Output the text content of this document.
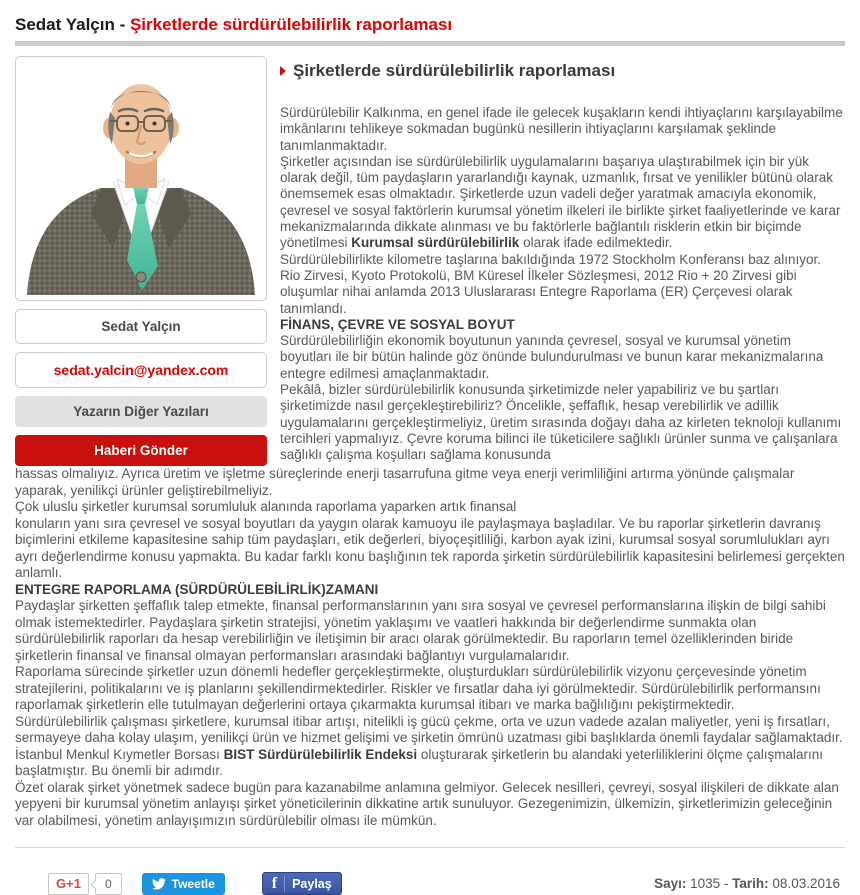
Sedat Yalçın - Şirketlerde sürdürülebilirlik raporlaması
Sedat Yalçın
sedat.yalcin@yandex.com
Yazarın Diğer Yazıları
Haberi Gönder
Şirketlerde sürdürülebilirlik raporlaması

Sürdürülebilir Kalkınma, en genel ifade ile gelecek kuşakların kendi ihtiyaçlarını karşılayabilme imkânlarını tehlikeye sokmadan bugünkü nesillerin ihtiyaçlarını karşılamak şeklinde tanımlanmaktadır.

Şirketler açısından ise sürdürülebilirlik uygulamalarını başarıya ulaştırabilmek için bir yük olarak değil, tüm paydaşların yararlandığı kaynak, uzmanlık, fırsat ve yenilikler bütünü olarak önemsemek esas olmaktadır. Şirketlerde uzun vadeli değer yaratmak amacıyla ekonomik, çevresel ve sosyal faktörlerin kurumsal yönetim ilkeleri ile birlikte şirket faaliyetlerinde ve karar mekanizmalarında dikkate alınması ve bu faktörlerle bağlantılı risklerin etkin bir biçimde yönetilmesi Kurumsal sürdürülebilirlik olarak ifade edilmektedir.

Sürdürülebilirlikte kilometre taşlarına bakıldığında 1972 Stockholm Konferansı baz alınıyor. Rio Zirvesi, Kyoto Protokolü, BM Küresel İlkeler Sözleşmesi, 2012 Rio + 20 Zirvesi gibi oluşumlar nihai anlamda 2013 Uluslararası Entegre Raporlama (ER) Çerçevesi olarak tanımlandı.

FİNANS, ÇEVRE VE SOSYAL BOYUT

Sürdürülebilirliğin ekonomik boyutunun yanında çevresel, sosyal ve kurumsal yönetim boyutları ile bir bütün halinde göz önünde bulundurulması ve bunun karar mekanizmalarına entegre edilmesi amaçlanmaktadır.

Pekâlâ, bizler sürdürülebilirlik konusunda şirketimizde neler yapabiliriz ve bu şartları şirketimizde nasıl gerçekleştirebiliriz? Öncelikle, şeffaflık, hesap verebilirlik ve adillik uygulamalarını gerçekleştirmeliyiz, üretim sırasında doğayı daha az kirleten teknoloji kullanımı tercihleri yapmalıyız. Çevre koruma bilinci ile tüketicilere sağlıklı ürünler sunma ve çalışanlara sağlıklı çalışma koşulları sağlama konusunda

hassas olmalıyız. Ayrıca üretim ve işletme süreçlerinde enerji tasarrufuna gitme veya enerji verimliliğini artırma yönünde çalışmalar yaparak, yenilikçi ürünler geliştirebilmeliyiz.

Çok uluslu şirketler kurumsal sorumluluk alanında raporlama yaparken artık finansal
konuların yanı sıra çevresel ve sosyal boyutları da yaygın olarak kamuoyu ile paylaşmaya başladılar. Ve bu raporlar şirketlerin davranış biçimlerini etkileme kapasitesine sahip tüm paydaşları, etik değerleri, biyoçeşitliliği, karbon ayak izini, kurumsal sosyal sorumlulukları ayrı ayrı değerlendirme konusu yapmakta. Bu kadar farklı konu başlığının tek raporda şirketin sürdürülebilirlik kapasitesini belirlemesi gerçekten anlamlı.

ENTEGRE RAPORLAMA (SÜRDÜRÜLEBİLİRLİK)ZAMANI

Paydaşlar şirketten şeffaflık talep etmekte, finansal performanslarının yanı sıra sosyal ve çevresel performanslarına ilişkin de bilgi sahibi olmak istemektedirler. Paydaşlara şirketin stratejisi, yönetim yaklaşımı ve vaatleri hakkında bir değerlendirme sunmakta olan sürdürülebilirlik raporları da hesap verebilirliğin ve iletişimin bir aracı olarak görülmektedir. Bu raporların temel özelliklerinden biride şirketlerin finansal ve finansal olmayan performansları arasındaki bağlantıyı vurgulamalarıdır.

Raporlama sürecinde şirketler uzun dönemli hedefler gerçekleştirmekte, oluşturdukları sürdürülebilirlik vizyonu çerçevesinde yönetim stratejilerini, politikalarını ve iş planlarını şekillendirmektedirler. Riskler ve fırsatlar daha iyi görülmektedir. Sürdürülebilirlik performansını raporlamak şirketlerin elle tutulmayan değerlerini ortaya çıkarmakta kurumsal itibarı ve marka bağlılığını pekiştirmektedir.

Sürdürülebilirlik çalışması şirketlere, kurumsal itibar artışı, nitelikli iş gücü çekme, orta ve uzun vadede azalan maliyetler, yeni iş fırsatları, sermayeye daha kolay ulaşım, yenilikçi ürün ve hizmet gelişimi ve şirketin ömrünü uzatması gibi başlıklarda önemli faydalar sağlamaktadır.

İstanbul Menkul Kıymetler Borsası BIST Sürdürülebilirlik Endeksi oluşturarak şirketlerin bu alandaki yeterliliklerini ölçme çalışmalarını başlatmıştır. Bu önemli bir adımdır.

Özet olarak şirket yönetmek sadece bugün para kazanabilme anlamına gelmiyor. Gelecek nesilleri, çevreyi, sosyal ilişkileri de dikkate alan yepyeni bir kurumsal yönetim anlayışı şirket yöneticilerinin dikkatine artık sunuluyor. Gezegenimizin, ülkemizin, şirketlerimizin geleceğinin var olabilmesi, yönetim anlayışımızın sürdürülebilir olması ile mümkün.

G+1	0	Tweetle	f	Paylaş	Sayı: 1035 - Tarih: 08.03.2016
